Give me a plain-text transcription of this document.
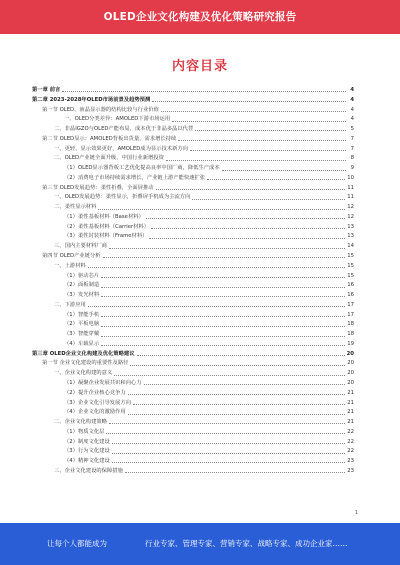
OLED企业文化构建及优化策略研究报告
内容目录
第一章 前言	4
第二章 2023-2028年OLED市场前景及趋势预测	4
第一节 OLED、液晶显示器的结构比较与行业价值	4
一、OLED分类差异：AMOLED下游市场运用	4
二、非晶IGZO与OLED产能布局，成本优于非晶多晶以代替	5
第二节 OLED显示：AMOLED背板出货量，需求增长持续	7
一、更轻，显示效果更好，AMOLED成为显示技术新方向	7
二、OLED产业链全面升级，中国行业新增投资	8
（1）OLED显示器背板工艺优化提高良率中国厂商，降低生产成本	9
（2）消费电子市场持续需求增长，产业链上游产能快速扩张	10
第三节 OLED发展趋势：柔性折叠，全面屏推动	11
一、OLED发展趋势：柔性显示，折叠屏手机成为主流方向	11
二、柔性显示材料	12
（1）柔性基板材料（Base材料）	12
（2）柔性基板材料（Carrier材料）	13
（3）柔性封装材料（Frame材料）	13
三、国内主要材料厂商	14
第四节 OLED产业链分析	15
一、上游材料	15
（1）驱动芯片	15
（2）面板制造	16
（3）发光材料	16
二、下游应用	17
（1）智能手机	17
（2）平板电脑	18
（3）智能穿戴	18
（4）车载显示	19
第三章 OLED企业文化构建及优化策略建议	20
第一节 企业文化建设的重要性及路径	20
一、企业文化构建的意义	20
（1）凝聚企业发展共识和向心力	20
（2）提升企业核心竞争力	21
（3）企业文化引导发展方向	21
（4）企业文化的激励作用	21
二、企业文化构建策略	21
（1）物质文化层	22
（2）制度文化建设	22
（3）行为文化建设	22
（4）精神文化建设	23
三、企业文化建设的保障措施	23
1
让每个人都能成为	行业专家、管理专家、营销专家、战略专家、成功企业家……
